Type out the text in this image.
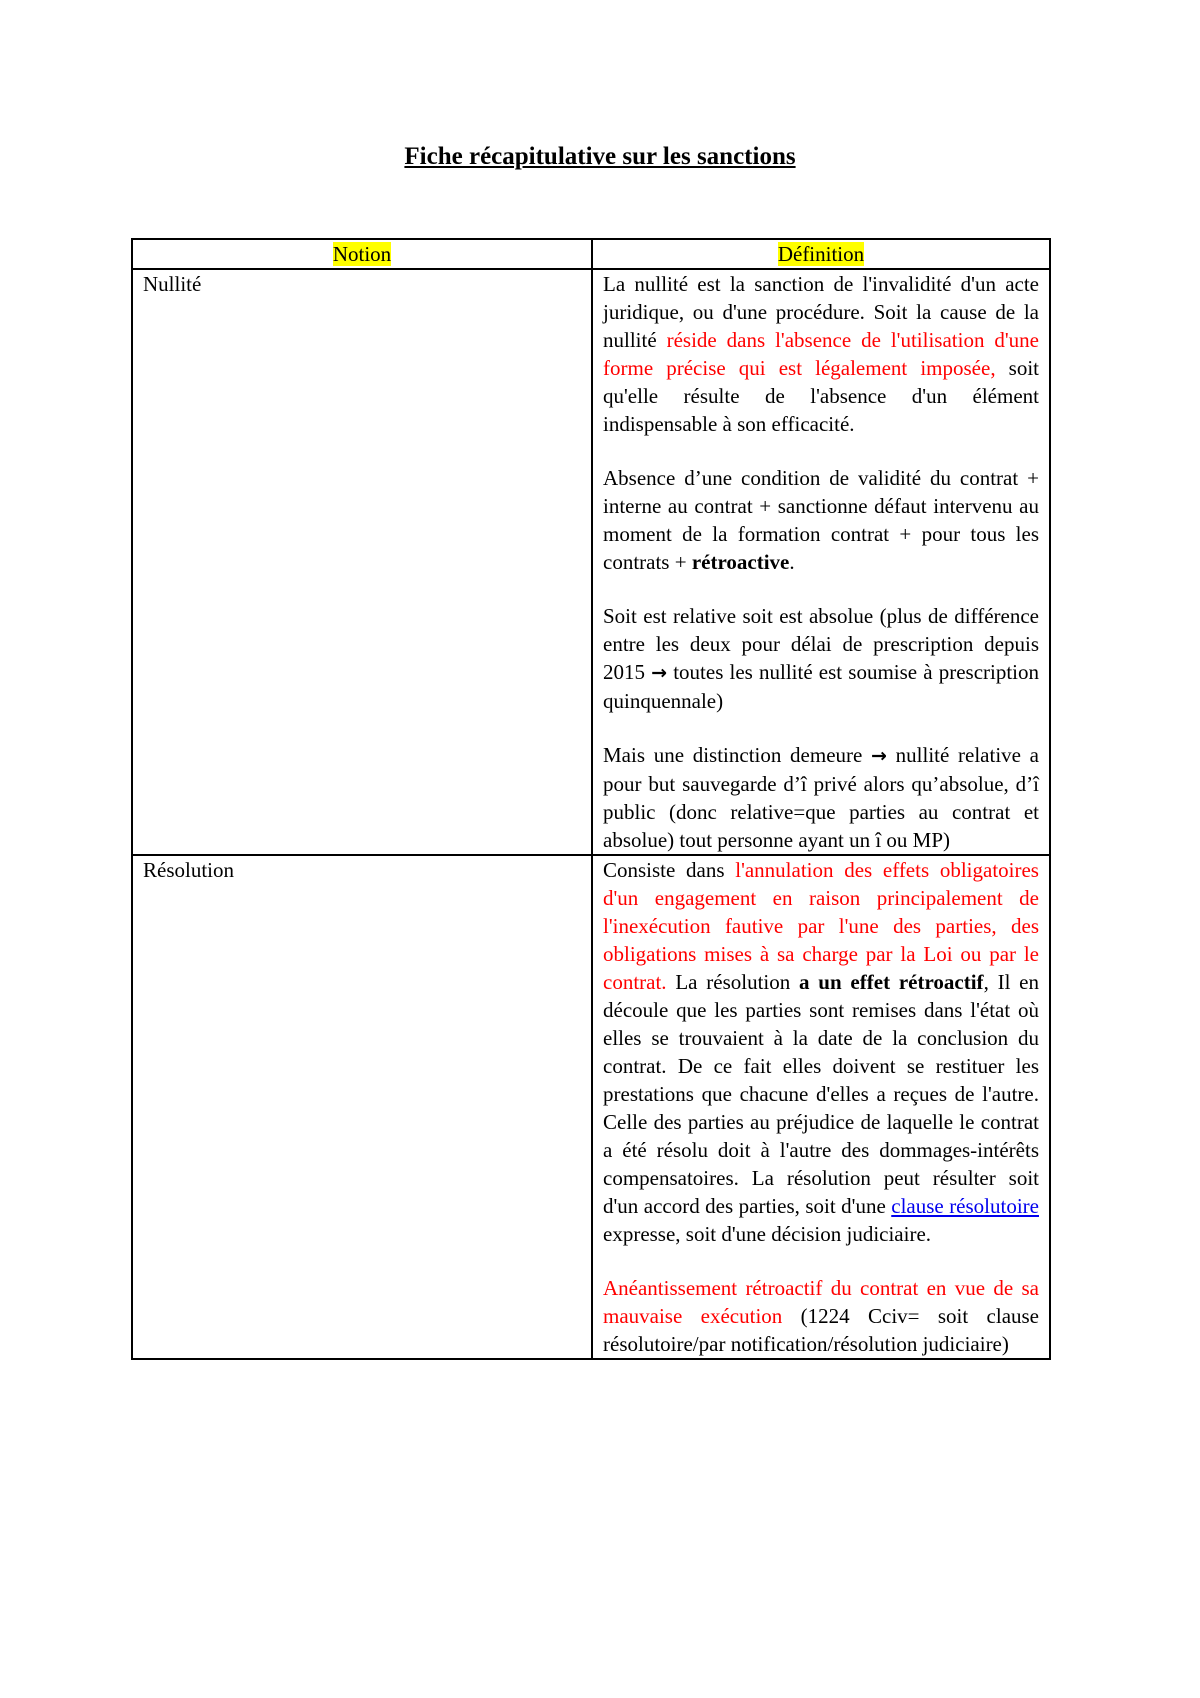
Fiche récapitulative sur les sanctions
Notion	Définition
Nullité	La nullité est la sanction de l'invalidité d'un acte juridique, ou d'une procédure. Soit la cause de la nullité réside dans l'absence de l'utilisation d'une forme précise qui est légalement imposée, soit qu'elle résulte de l'absence d'un élément indispensable à son efficacité.

Absence d’une condition de validité du contrat + interne au contrat + sanctionne défaut intervenu au moment de la formation contrat + pour tous les contrats + rétroactive.

Soit est relative soit est absolue (plus de différence entre les deux pour délai de prescription depuis 2015 → toutes les nullité est soumise à prescription quinquennale)

Mais une distinction demeure → nullité relative a pour but sauvegarde d’î privé alors qu’absolue, d’î public (donc relative=que parties au contrat et absolue) tout personne ayant un î ou MP)

Résolution	Consiste dans l'annulation des effets obligatoires d'un engagement en raison principalement de l'inexécution fautive par l'une des parties, des obligations mises à sa charge par la Loi ou par le contrat. La résolution a un effet rétroactif, Il en découle que les parties sont remises dans l'état où elles se trouvaient à la date de la conclusion du contrat. De ce fait elles doivent se restituer les prestations que chacune d'elles a reçues de l'autre. Celle des parties au préjudice de laquelle le contrat a été résolu doit à l'autre des dommages-intérêts compensatoires. La résolution peut résulter soit d'un accord des parties, soit d'une clause résolutoire expresse, soit d'une décision judiciaire.

Anéantissement rétroactif du contrat en vue de sa mauvaise exécution (1224 Cciv= soit clause résolutoire/par notification/résolution judiciaire)
